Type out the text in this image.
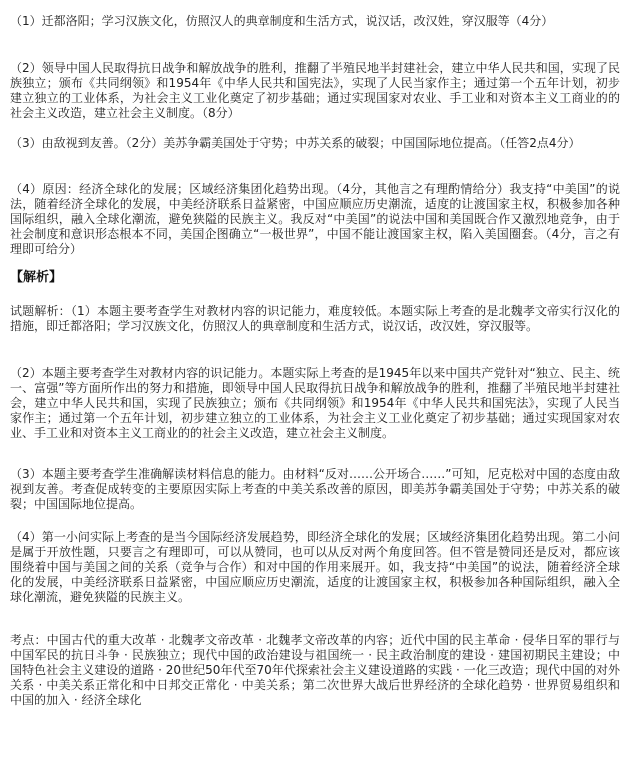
（1）迁都洛阳；学习汉族文化，仿照汉人的典章制度和生活方式，说汉话，改汉姓，穿汉服等（4分）
（2）领导中国人民取得抗日战争和解放战争的胜利，推翻了半殖民地半封建社会，建立中华人民共和国，实现了民族独立；颁布《共同纲领》和1954年《中华人民共和国宪法》，实现了人民当家作主；通过第一个五年计划，初步建立独立的工业体系，为社会主义工业化奠定了初步基础；通过实现国家对农业、手工业和对资本主义工商业的的社会主义改造，建立社会主义制度。（8分）
（3）由敌视到友善。（2分）美苏争霸美国处于守势；中苏关系的破裂；中国国际地位提高。（任答2点4分）
（4）原因：经济全球化的发展；区域经济集团化趋势出现。（4分，其他言之有理酌情给分）我支持“中美国”的说法，随着经济全球化的发展，中美经济联系日益紧密，中国应顺应历史潮流，适度的让渡国家主权，积极参加各种国际组织，融入全球化潮流，避免狭隘的民族主义。我反对“中美国”的说法中国和美国既合作又激烈地竞争，由于社会制度和意识形态根本不同，美国企图确立“一极世界”，中国不能让渡国家主权，陷入美国圈套。（4分，言之有理即可给分）
【解析】
试题解析：（1）本题主要考查学生对教材内容的识记能力，难度较低。本题实际上考查的是北魏孝文帝实行汉化的措施，即迁都洛阳；学习汉族文化，仿照汉人的典章制度和生活方式，说汉话，改汉姓，穿汉服等。
（2）本题主要考查学生对教材内容的识记能力。本题实际上考查的是1945年以来中国共产党针对“独立、民主、统一、富强”等方面所作出的努力和措施，即领导中国人民取得抗日战争和解放战争的胜利，推翻了半殖民地半封建社会，建立中华人民共和国，实现了民族独立；颁布《共同纲领》和1954年《中华人民共和国宪法》，实现了人民当家作主；通过第一个五年计划，初步建立独立的工业体系，为社会主义工业化奠定了初步基础；通过实现国家对农业、手工业和对资本主义工商业的的社会主义改造，建立社会主义制度。
（3）本题主要考查学生准确解读材料信息的能力。由材料“反对……公开场合……”可知，尼克松对中国的态度由敌视到友善。考查促成转变的主要原因实际上考查的中美关系改善的原因，即美苏争霸美国处于守势；中苏关系的破裂；中国国际地位提高。
（4）第一小问实际上考查的是当今国际经济发展趋势，即经济全球化的发展；区域经济集团化趋势出现。第二小问是属于开放性题，只要言之有理即可，可以从赞同，也可以从反对两个角度回答。但不管是赞同还是反对，都应该围绕着中国与美国之间的关系（竞争与合作）和对中国的作用来展开。如，我支持“中美国”的说法，随着经济全球化的发展，中美经济联系日益紧密，中国应顺应历史潮流，适度的让渡国家主权，积极参加各种国际组织，融入全球化潮流，避免狭隘的民族主义。
考点：中国古代的重大改革 · 北魏孝文帝改革 · 北魏孝文帝改革的内容；近代中国的民主革命 · 侵华日军的罪行与中国军民的抗日斗争 · 民族独立；现代中国的政治建设与祖国统一 · 民主政治制度的建设 · 建国初期民主建设；中国特色社会主义建设的道路 · 20世纪50年代至70年代探索社会主义建设道路的实践 · 一化三改造；现代中国的对外关系 · 中美关系正常化和中日邦交正常化 · 中美关系；第二次世界大战后世界经济的全球化趋势 · 世界贸易组织和中国的加入 · 经济全球化
